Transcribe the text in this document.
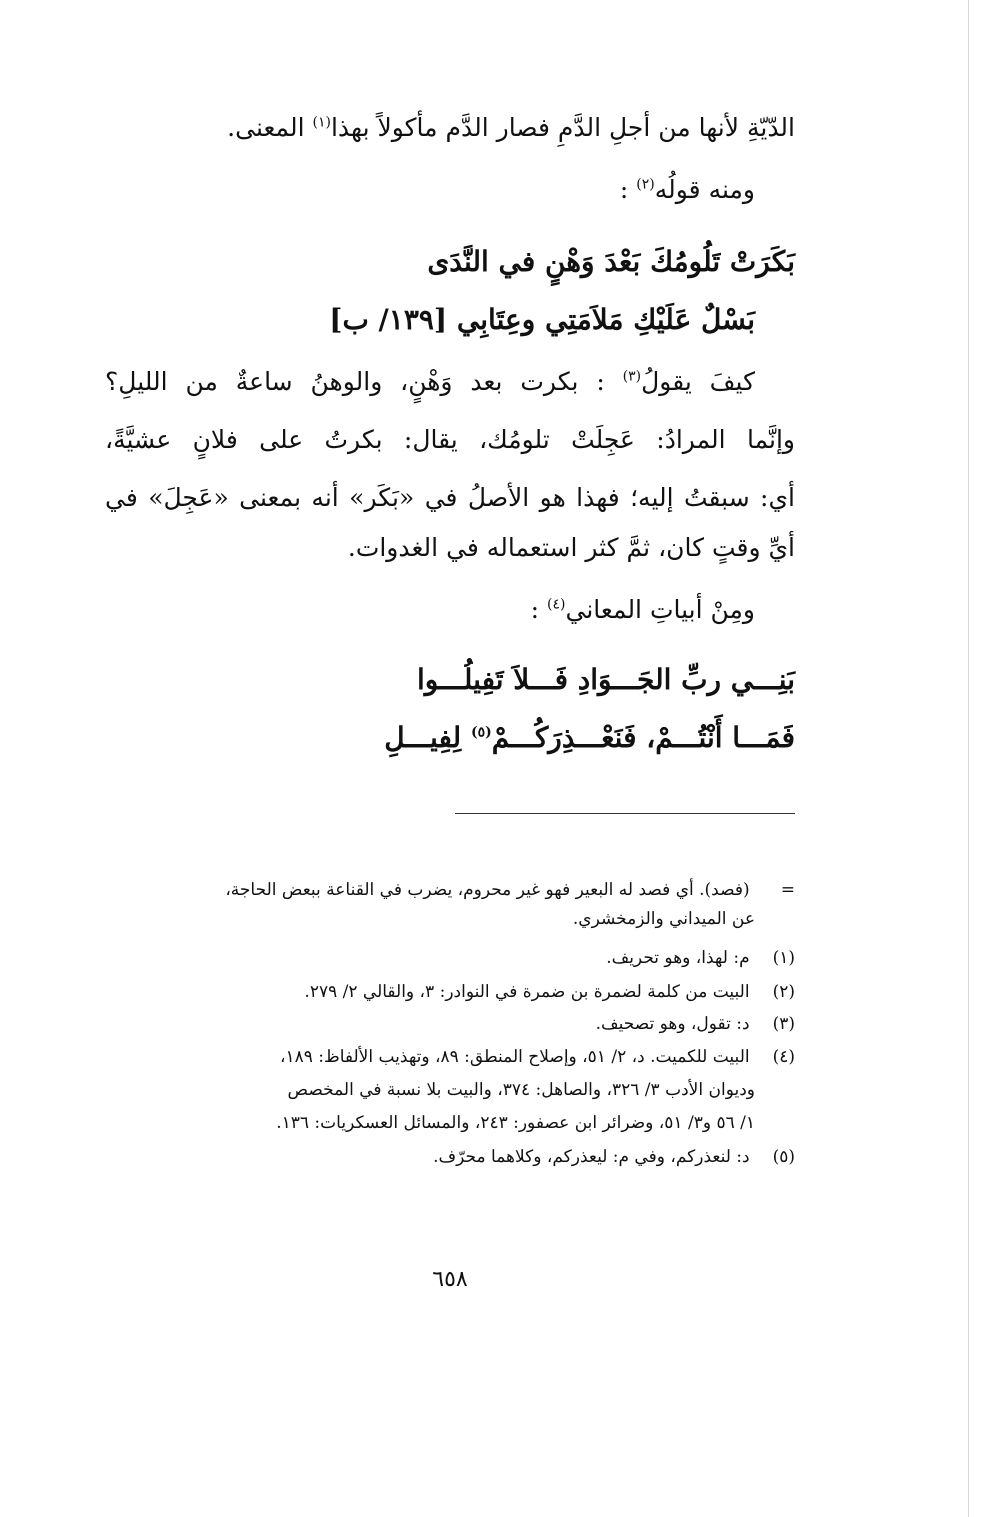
الدّيّةِ لأنها من أجلِ الدَّمِ فصار الدَّم مأكولاً بهذا$^{(١)}$ المعنى.
ومنه قولُه$^{(٢)}$ :
بَكَرَتْ تَلُومُكَ بَعْدَ وَهْنٍ في النَّدَى
بَسْلٌ عَلَيْكِ مَلاَمَتِي وعِتَابِي [١٣٩/ ب]
كيفَ يقولُ$^{(٣)}$ : بكرت بعد وَهْنٍ، والوهنُ ساعةٌ من الليلِ؟
وإنَّما المرادُ: عَجِلَتْ تلومُك، يقال: بكرتُ على فلانٍ عشيَّةً،
أي: سبقتُ إليه؛ فهذا هو الأصلُ في «بَكَر» أنه بمعنى «عَجِلَ» في
أيِّ وقتٍ كان، ثمَّ كثر استعماله في الغدوات.
ومِنْ أبياتِ المعاني$^{(٤)}$ :
بَنِـــي ربِّ الجَـــوَادِ فَـــلاَ تَفِيلُـــوا
فَمَـــا أَنْتُـــمْ، فَنَعْـــذِرَكُـــمْ$^{(٥)}$ لِفِيـــلِ
= (فصد). أي فصد له البعير فهو غير محروم، يضرب في القناعة ببعض الحاجة،
عن الميداني والزمخشري.
(١) م: لهذا، وهو تحريف.
(٢) البيت من كلمة لضمرة بن ضمرة في النوادر: ٣، والقالي ٢/ ٢٧٩.
(٣) د: تقول، وهو تصحيف.
(٤) البيت للكميت. د، ٢/ ٥١، وإصلاح المنطق: ٨٩، وتهذيب الألفاظ: ١٨٩،
وديوان الأدب ٣/ ٣٢٦، والصاهل: ٣٧٤، والبيت بلا نسبة في المخصص
١/ ٥٦ و٣/ ٥١، وضرائر ابن عصفور: ٢٤٣، والمسائل العسكريات: ١٣٦.
(٥) د: لنعذركم، وفي م: ليعذركم، وكلاهما محرّف.
٦٥٨
